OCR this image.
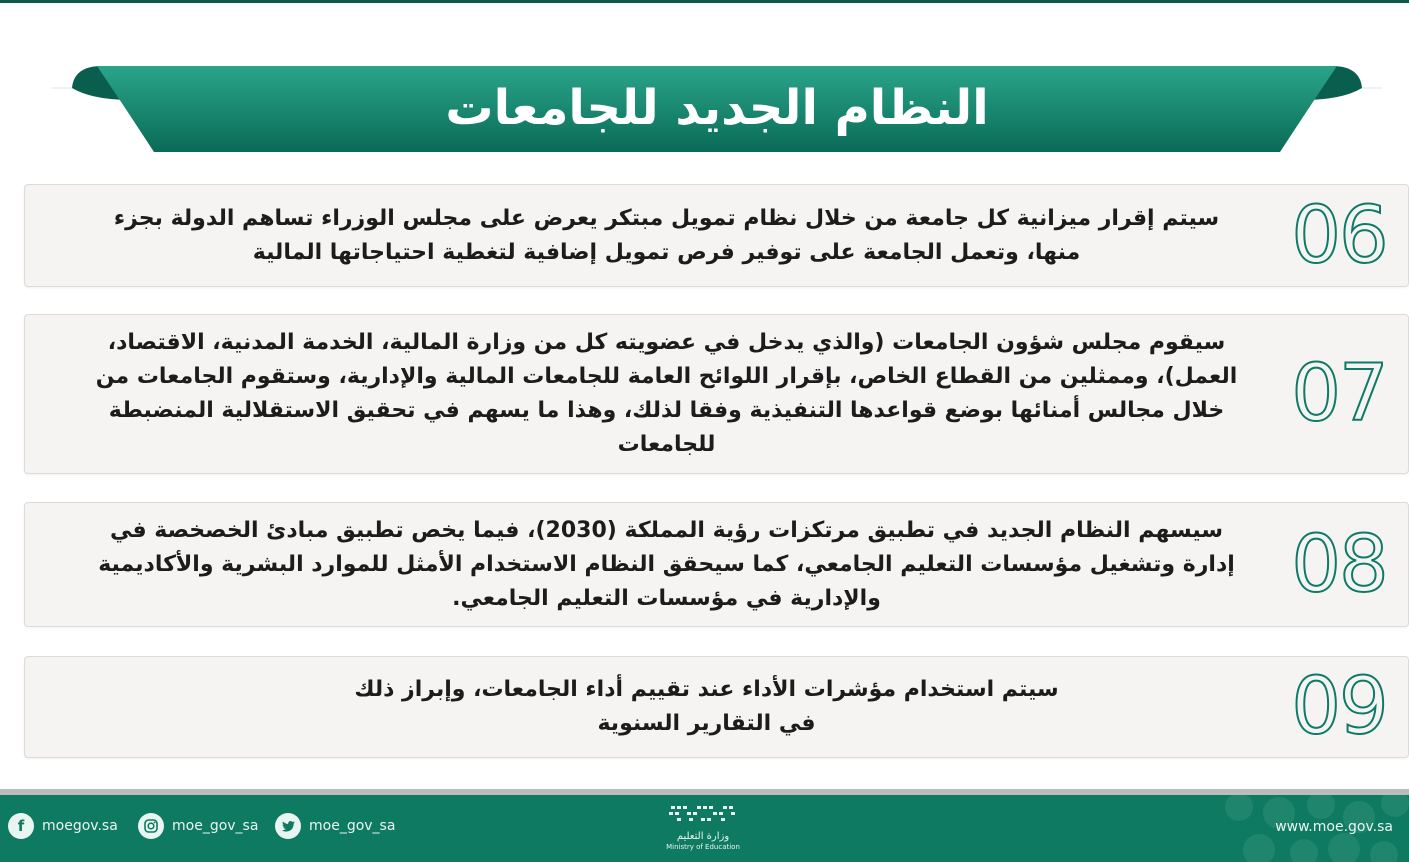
النظام الجديد للجامعات
سيتم إقرار ميزانية كل جامعة من خلال نظام تمويل مبتكر يعرض على مجلس الوزراء تساهم الدولة بجزء منها، وتعمل الجامعة على توفير فرص تمويل إضافية لتغطية احتياجاتها المالية	06
سيقوم مجلس شؤون الجامعات (والذي يدخل في عضويته كل من وزارة المالية، الخدمة المدنية، الاقتصاد، العمل)، وممثلين من القطاع الخاص، بإقرار اللوائح العامة للجامعات المالية والإدارية، وستقوم الجامعات من خلال مجالس أمنائها بوضع قواعدها التنفيذية وفقا لذلك، وهذا ما يسهم في تحقيق الاستقلالية المنضبطة للجامعات
07
سيسهم النظام الجديد في تطبيق مرتكزات رؤية المملكة (2030)، فيما يخص تطبيق مبادئ الخصخصة في إدارة وتشغيل مؤسسات التعليم الجامعي، كما سيحقق النظام الاستخدام الأمثل للموارد البشرية والأكاديمية والإدارية في مؤسسات التعليم الجامعي.	08
سيتم استخدام مؤشرات الأداء عند تقييم أداء الجامعات، وإبراز ذلك في التقارير السنوية	09
f	moegov.sa	moe_gov_sa	moe_gov_sa
وزارة التعليم
Ministry of Education
www.moe.gov.sa
